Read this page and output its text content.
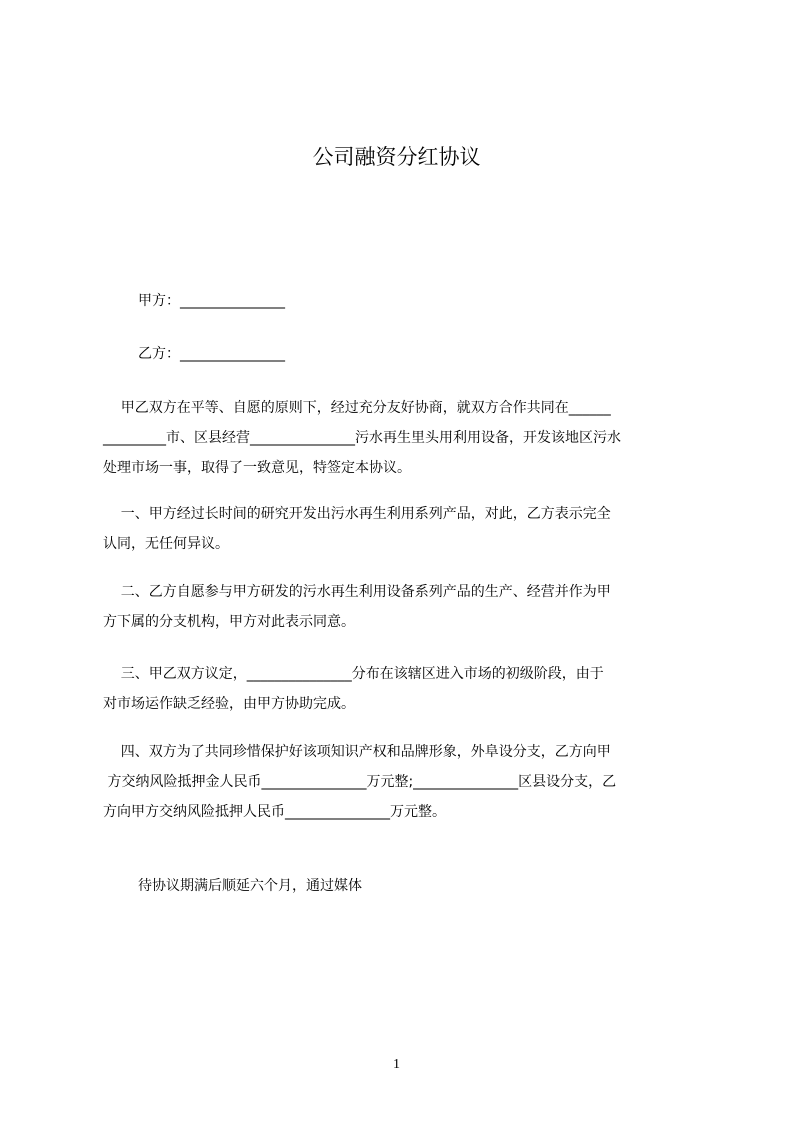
公司融资分红协议
甲方：_______________
乙方：_______________
甲乙双方在平等、自愿的原则下，经过充分友好协商，就双方合作共同在______
_________市、区县经营_______________污水再生里头用利用设备，开发该地区污水
处理市场一事，取得了一致意见，特签定本协议。
一、甲方经过长时间的研究开发出污水再生利用系列产品，对此，乙方表示完全
认同，无任何异议。
二、乙方自愿参与甲方研发的污水再生利用设备系列产品的生产、经营并作为甲
方下属的分支机构，甲方对此表示同意。
三、甲乙双方议定，_______________分布在该辖区进入市场的初级阶段，由于
对市场运作缺乏经验，由甲方协助完成。
四、双方为了共同珍惜保护好该项知识产权和品牌形象，外阜设分支，乙方向甲
方交纳风险抵押金人民币_______________万元整;_______________区县设分支，乙
方向甲方交纳风险抵押人民币_______________万元整。
待协议期满后顺延六个月，通过媒体
1
